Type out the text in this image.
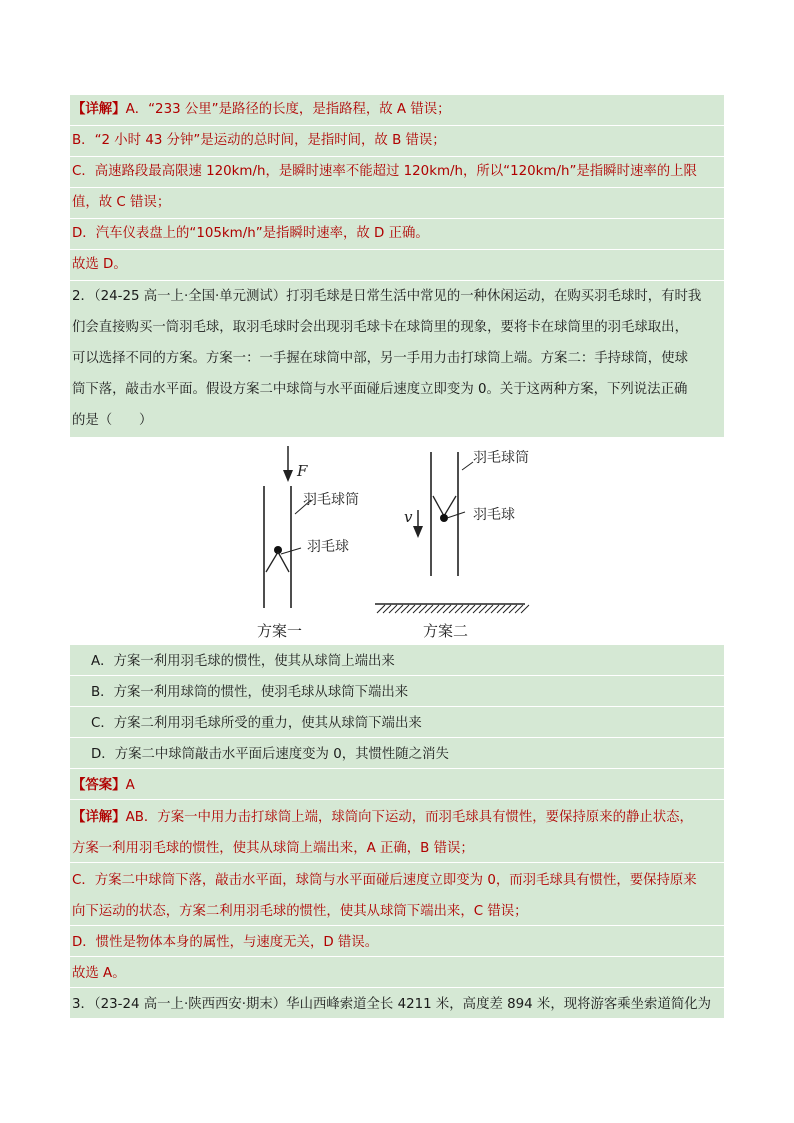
【详解】A．“233 公里”是路径的长度，是指路程，故 A 错误；
B．“2 小时 43 分钟”是运动的总时间，是指时间，故 B 错误；
C．高速路段最高限速 120km/h，是瞬时速率不能超过 120km/h，所以“120km/h”是指瞬时速率的上限
值，故 C 错误；
D．汽车仪表盘上的“105km/h”是指瞬时速率，故 D 正确。
故选 D。
2．（24-25 高一上·全国·单元测试）打羽毛球是日常生活中常见的一种休闲运动，在购买羽毛球时，有时我
们会直接购买一筒羽毛球，取羽毛球时会出现羽毛球卡在球筒里的现象，要将卡在球筒里的羽毛球取出，
可以选择不同的方案。方案一：一手握在球筒中部，另一手用力击打球筒上端。方案二：手持球筒，使球
筒下落，敲击水平面。假设方案二中球筒与水平面碰后速度立即变为 0。关于这两种方案，下列说法正确
的是（　　）
F
羽毛球筒
羽毛球
方案一
羽毛球筒
羽毛球
v
方案二
A．方案一利用羽毛球的惯性，使其从球筒上端出来
B．方案一利用球筒的惯性，使羽毛球从球筒下端出来
C．方案二利用羽毛球所受的重力，使其从球筒下端出来
D．方案二中球筒敲击水平面后速度变为 0，其惯性随之消失
【答案】A
【详解】AB．方案一中用力击打球筒上端，球筒向下运动，而羽毛球具有惯性，要保持原来的静止状态，
方案一利用羽毛球的惯性，使其从球筒上端出来，A 正确，B 错误；
C．方案二中球筒下落，敲击水平面，球筒与水平面碰后速度立即变为 0，而羽毛球具有惯性，要保持原来
向下运动的状态，方案二利用羽毛球的惯性，使其从球筒下端出来，C 错误；
D．惯性是物体本身的属性，与速度无关，D 错误。
故选 A。
3．（23-24 高一上·陕西西安·期末）华山西峰索道全长 4211 米，高度差 894 米，现将游客乘坐索道简化为
